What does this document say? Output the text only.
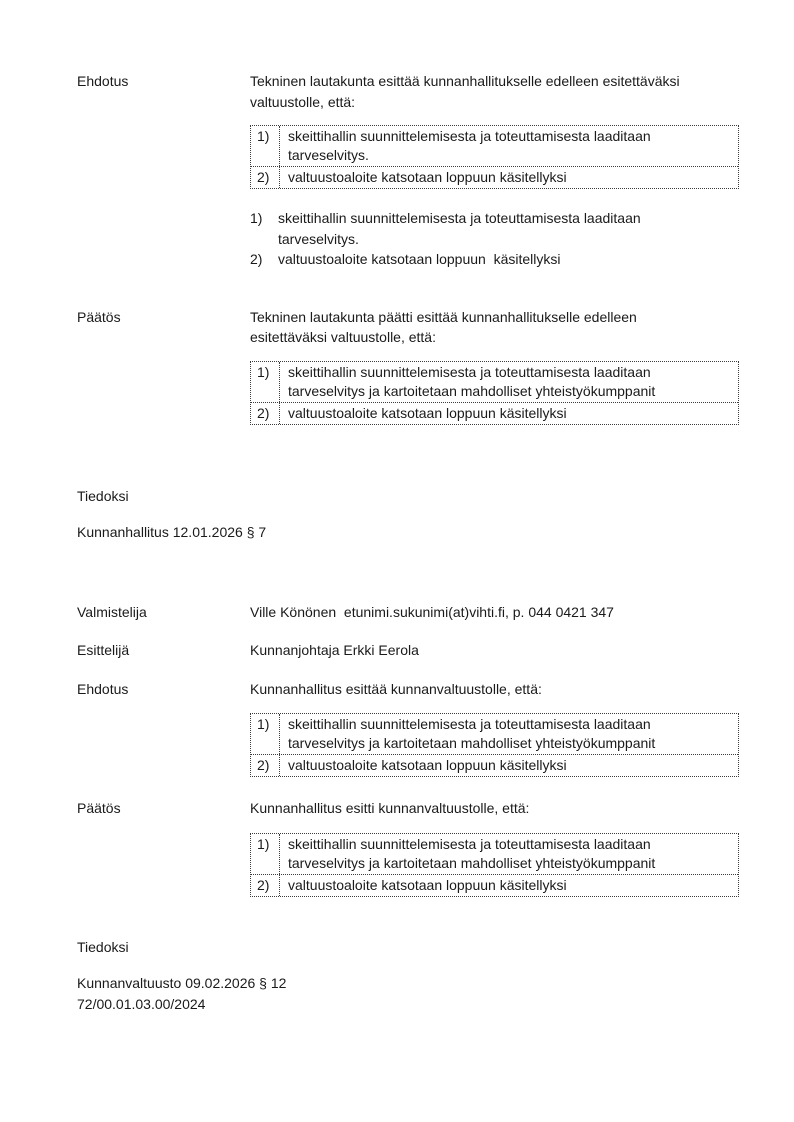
Ehdotus	Tekninen lautakunta esittää kunnanhallitukselle edelleen esitettäväksi
valtuustolle, että:
1)	skeittihallin suunnittelemisesta ja toteuttamisesta laaditaan
tarveselvitys.
2)	valtuustoaloite katsotaan loppuun käsitellyksi
1)	skeittihallin suunnittelemisesta ja toteuttamisesta laaditaan
tarveselvitys.
2)	valtuustoaloite katsotaan loppuun  käsitellyksi
Päätös	Tekninen lautakunta päätti esittää kunnanhallitukselle edelleen
esitettäväksi valtuustolle, että:
1)	skeittihallin suunnittelemisesta ja toteuttamisesta laaditaan
tarveselvitys ja kartoitetaan mahdolliset yhteistyökumppanit
2)	valtuustoaloite katsotaan loppuun käsitellyksi
Tiedoksi
Kunnanhallitus 12.01.2026 § 7
Valmistelija	Ville Könönen  etunimi.sukunimi(at)vihti.fi, p. 044 0421 347
Esittelijä	Kunnanjohtaja Erkki Eerola
Ehdotus	Kunnanhallitus esittää kunnanvaltuustolle, että:
1)	skeittihallin suunnittelemisesta ja toteuttamisesta laaditaan
tarveselvitys ja kartoitetaan mahdolliset yhteistyökumppanit
2)	valtuustoaloite katsotaan loppuun käsitellyksi
Päätös	Kunnanhallitus esitti kunnanvaltuustolle, että:
1)	skeittihallin suunnittelemisesta ja toteuttamisesta laaditaan
tarveselvitys ja kartoitetaan mahdolliset yhteistyökumppanit
2)	valtuustoaloite katsotaan loppuun käsitellyksi
Tiedoksi
Kunnanvaltuusto 09.02.2026 § 12
72/00.01.03.00/2024
